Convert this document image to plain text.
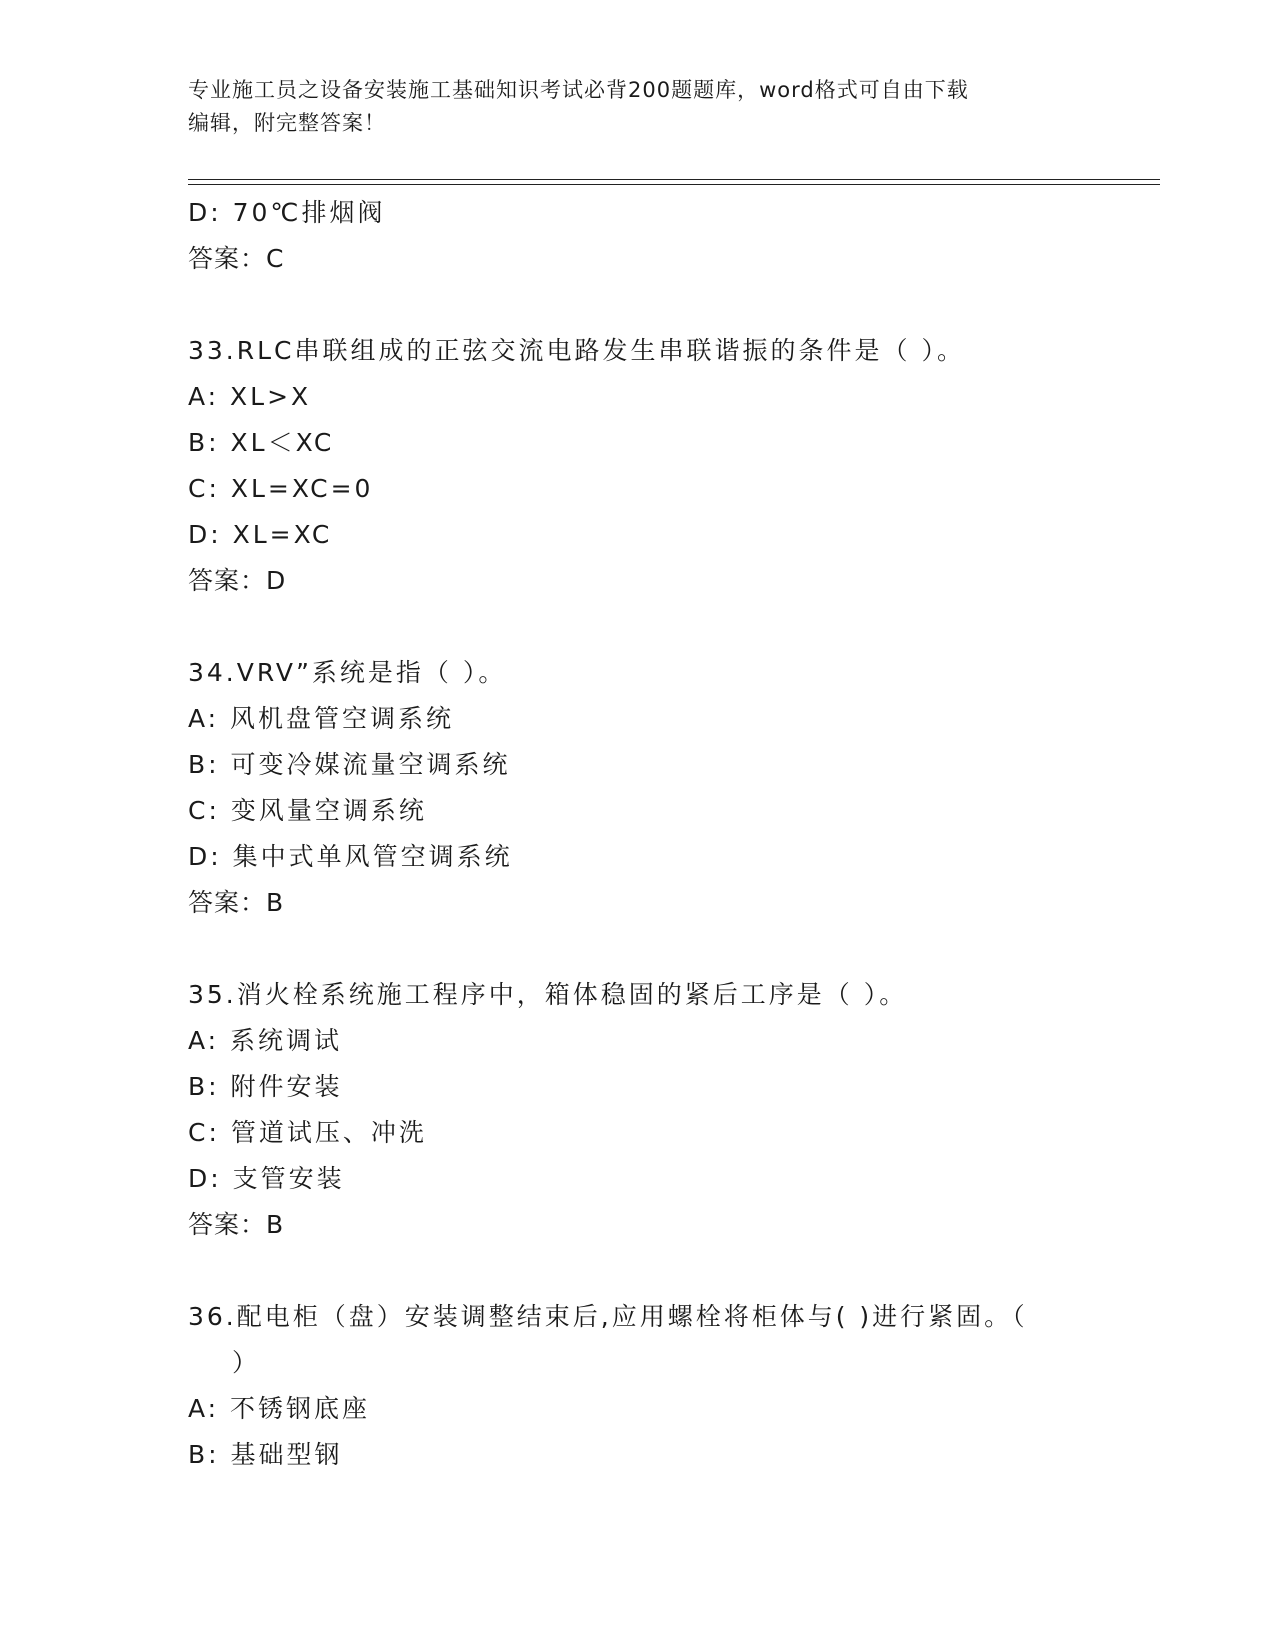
专业施工员之设备安装施工基础知识考试必背200题题库，word格式可自由下载

编辑，附完整答案！

D: 70℃排烟阀
答案：C
33.RLC串联组成的正弦交流电路发生串联谐振的条件是（ ）。
A: XL>X
B: XL＜XC
C: XL=XC=0
D: XL=XC
答案：D
34.VRV”系统是指（ ）。
A: 风机盘管空调系统
B: 可变冷媒流量空调系统
C: 变风量空调系统
D: 集中式单风管空调系统
答案：B
35.消火栓系统施工程序中，箱体稳固的紧后工序是（ ）。
A: 系统调试
B: 附件安装
C: 管道试压、冲洗
D: 支管安装
答案：B
36.配电柜（盘）安装调整结束后,应用螺栓将柜体与( )进行紧固。（
）
A: 不锈钢底座
B: 基础型钢
